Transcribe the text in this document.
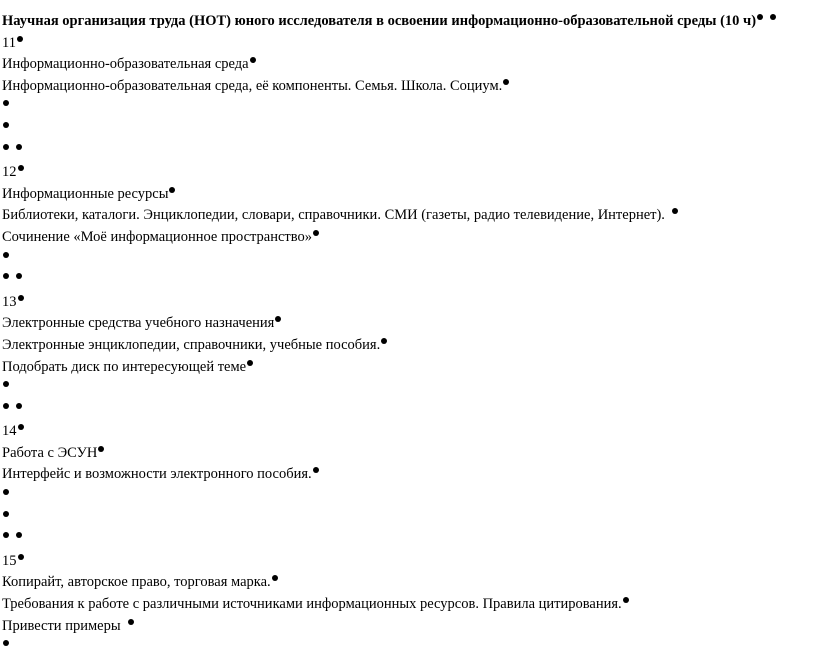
Научная организация труда (НОТ) юного исследователя в освоении информационно-образовательной среды (10 ч)
11
Информационно-образовательная среда
Информационно-образовательная среда, её компоненты. Семья. Школа. Социум.
12
Информационные ресурсы
Библиотеки, каталоги. Энциклопедии, словари, справочники. СМИ (газеты, радио телевидение, Интернет).
Сочинение «Моё информационное пространство»
13
Электронные средства учебного назначения
Электронные энциклопедии, справочники, учебные пособия.
Подобрать диск по интересующей теме
14
Работа с ЭСУН
Интерфейс и возможности электронного пособия.
15
Копирайт, авторское право, торговая марка.
Требования к работе с различными источниками информационных ресурсов. Правила цитирования.
Привести примеры
